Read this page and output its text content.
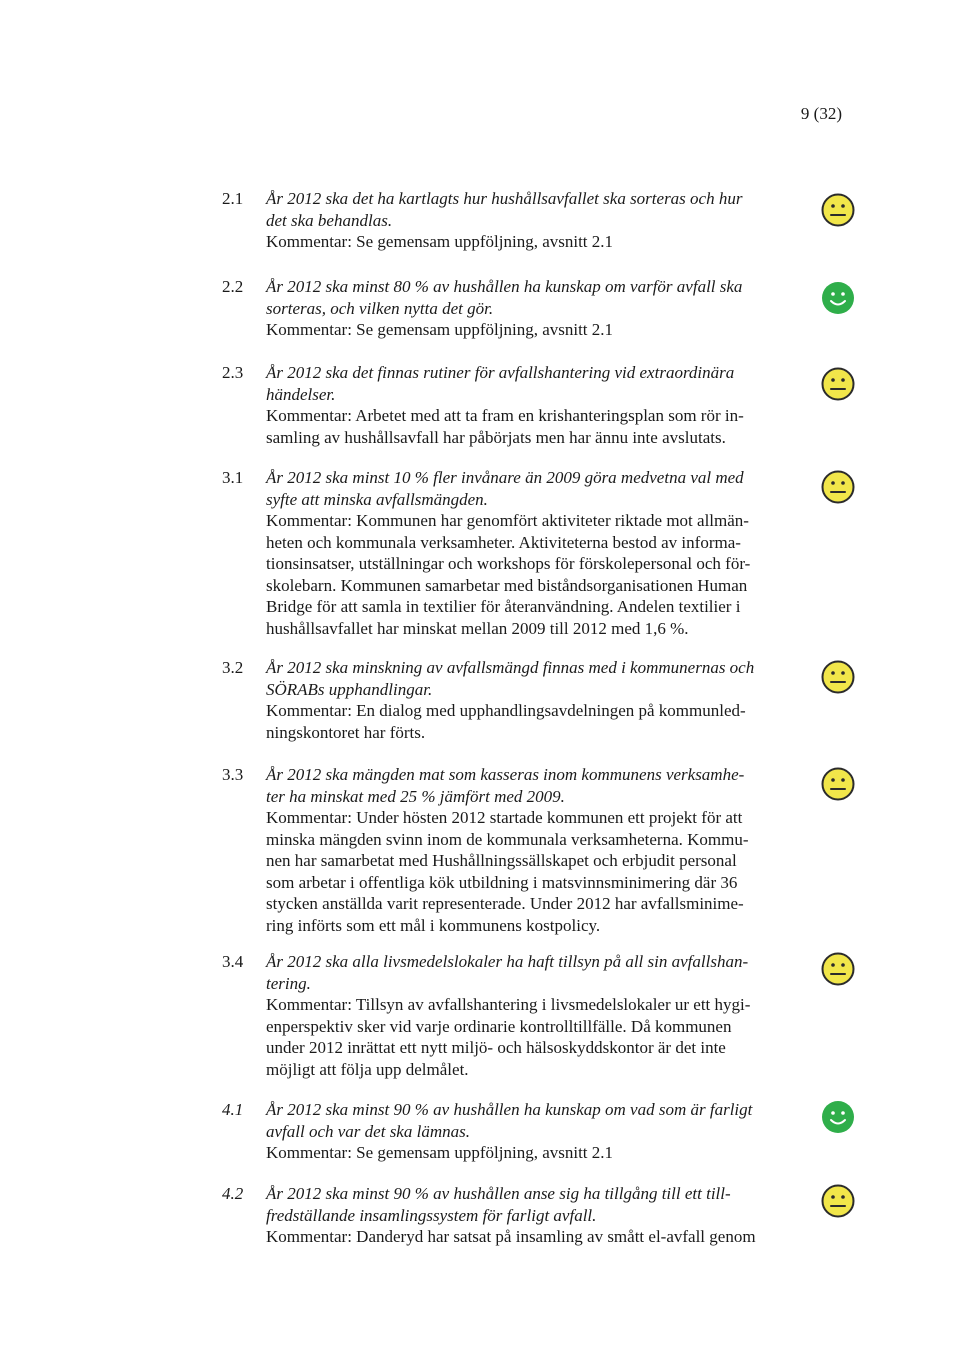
9 (32)
2.1	År 2012 ska det ha kartlagts hur hushållsavfallet ska sorteras och hur
det ska behandlas.
Kommentar: Se gemensam uppföljning, avsnitt 2.1
2.2	År 2012 ska minst 80 % av hushållen ha kunskap om varför avfall ska
sorteras, och vilken nytta det gör.
Kommentar: Se gemensam uppföljning, avsnitt 2.1
2.3	År 2012 ska det finnas rutiner för avfallshantering vid extraordinära
händelser.
Kommentar: Arbetet med att ta fram en krishanteringsplan som rör in-
samling av hushållsavfall har påbörjats men har ännu inte avslutats.
3.1	År 2012 ska minst 10 % fler invånare än 2009 göra medvetna val med
syfte att minska avfallsmängden.
Kommentar: Kommunen har genomfört aktiviteter riktade mot allmän-
heten och kommunala verksamheter. Aktiviteterna bestod av informa-
tionsinsatser, utställningar och workshops för förskolepersonal och för-
skolebarn. Kommunen samarbetar med biståndsorganisationen Human
Bridge för att samla in textilier för återanvändning. Andelen textilier i
hushållsavfallet har minskat mellan 2009 till 2012 med 1,6 %.
3.2	År 2012 ska minskning av avfallsmängd finnas med i kommunernas och
SÖRABs upphandlingar.
Kommentar: En dialog med upphandlingsavdelningen på kommunled-
ningskontoret har förts.
3.3	År 2012 ska mängden mat som kasseras inom kommunens verksamhe-
ter ha minskat med 25 % jämfört med 2009.
Kommentar: Under hösten 2012 startade kommunen ett projekt för att
minska mängden svinn inom de kommunala verksamheterna. Kommu-
nen har samarbetat med Hushållningssällskapet och erbjudit personal
som arbetar i offentliga kök utbildning i matsvinnsminimering där 36
stycken anställda varit representerade. Under 2012 har avfallsminime-
ring införts som ett mål i kommunens kostpolicy.
3.4	År 2012 ska alla livsmedelslokaler ha haft tillsyn på all sin avfallshan-
tering.
Kommentar: Tillsyn av avfallshantering i livsmedelslokaler ur ett hygi-
enperspektiv sker vid varje ordinarie kontrolltillfälle. Då kommunen
under 2012 inrättat ett nytt miljö- och hälsoskyddskontor är det inte
möjligt att följa upp delmålet.
4.1	År 2012 ska minst 90 % av hushållen ha kunskap om vad som är farligt
avfall och var det ska lämnas.
Kommentar: Se gemensam uppföljning, avsnitt 2.1
4.2	År 2012 ska minst 90 % av hushållen anse sig ha tillgång till ett till-
fredställande insamlingssystem för farligt avfall.
Kommentar: Danderyd har satsat på insamling av smått el-avfall genom
